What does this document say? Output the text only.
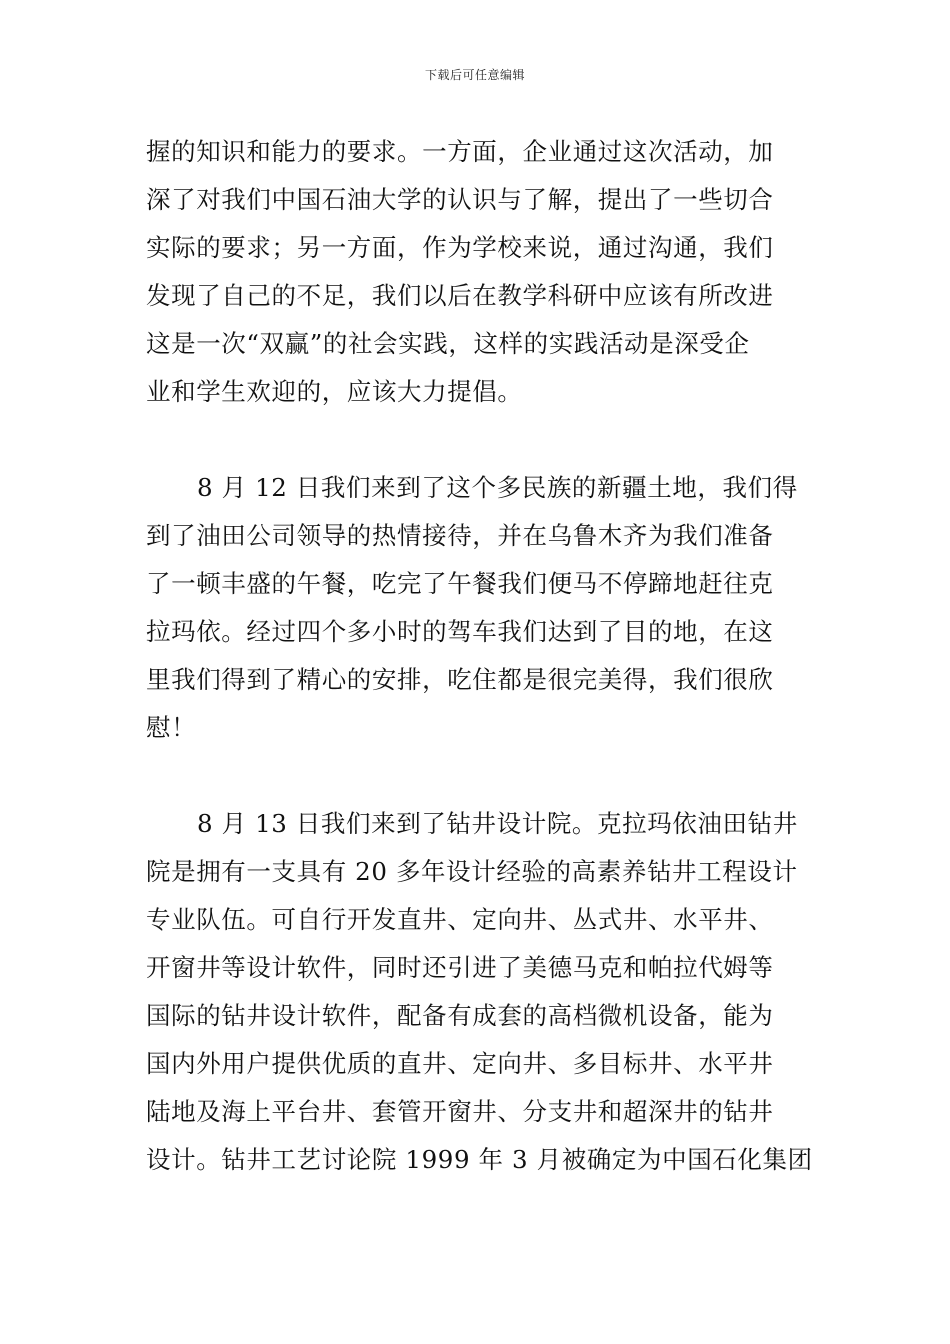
下载后可任意编辑
握的知识和能力的要求。一方面，企业通过这次活动，加
深了对我们中国石油大学的认识与了解，提出了一些切合
实际的要求；另一方面，作为学校来说，通过沟通，我们
发现了自己的不足，我们以后在教学科研中应该有所改进
这是一次“双赢”的社会实践，这样的实践活动是深受企
业和学生欢迎的，应该大力提倡。
8 月 12 日我们来到了这个多民族的新疆土地，我们得
到了油田公司领导的热情接待，并在乌鲁木齐为我们准备
了一顿丰盛的午餐，吃完了午餐我们便马不停蹄地赶往克
拉玛依。经过四个多小时的驾车我们达到了目的地，在这
里我们得到了精心的安排，吃住都是很完美得，我们很欣
慰！
8 月 13 日我们来到了钻井设计院。克拉玛依油田钻井
院是拥有一支具有 20 多年设计经验的高素养钻井工程设计
专业队伍。可自行开发直井、定向井、丛式井、水平井、
开窗井等设计软件，同时还引进了美德马克和帕拉代姆等
国际的钻井设计软件，配备有成套的高档微机设备，能为
国内外用户提供优质的直井、定向井、多目标井、水平井
陆地及海上平台井、套管开窗井、分支井和超深井的钻井
设计。钻井工艺讨论院 1999 年 3 月被确定为中国石化集团
